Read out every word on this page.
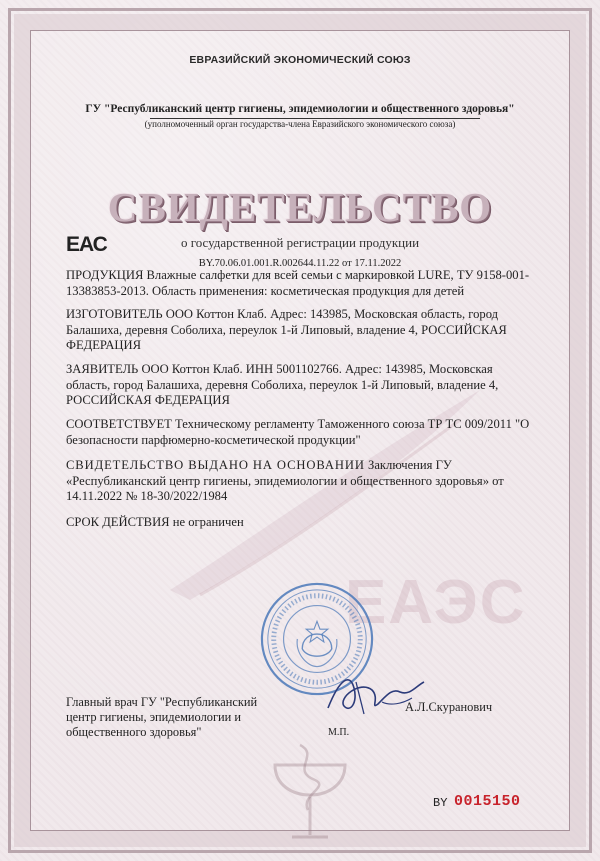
ЕАЭС
ЕВРАЗИЙСКИЙ ЭКОНОМИЧЕСКИЙ СОЮЗ
ГУ "Республиканский центр гигиены, эпидемиологии и общественного здоровья"
(уполномоченный орган государства-члена Евразийского экономического союза)
СВИДЕТЕЛЬСТВО
ЕАС	о государственной регистрации продукции
BY.70.06.01.001.R.002644.11.22 от 17.11.2022
ПРОДУКЦИЯ Влажные салфетки для всей семьи с маркировкой LURE, ТУ 9158-001-13383853-2013. Область применения: косметическая продукция для детей
ИЗГОТОВИТЕЛЬ ООО Коттон Клаб. Адрес: 143985, Московская область, город Балашиха, деревня Соболиха, переулок 1-й Липовый, владение 4, РОССИЙСКАЯ ФЕДЕРАЦИЯ
ЗАЯВИТЕЛЬ ООО Коттон Клаб. ИНН 5001102766. Адрес: 143985, Московская область, город Балашиха, деревня Соболиха, переулок 1-й Липовый, владение 4, РОССИЙСКАЯ ФЕДЕРАЦИЯ
СООТВЕТСТВУЕТ Техническому регламенту Таможенного союза ТР ТС 009/2011 "О безопасности парфюмерно-косметической продукции"
СВИДЕТЕЛЬСТВО ВЫДАНО НА ОСНОВАНИИ Заключения ГУ «Республиканский центр гигиены, эпидемиологии и общественного здоровья» от 14.11.2022 № 18-30/2022/1984
СРОК ДЕЙСТВИЯ не ограничен
Главный врач ГУ "Республиканский
центр гигиены, эпидемиологии и
общественного здоровья"
А.Л.Скуранович
М.П.
BY 0015150
